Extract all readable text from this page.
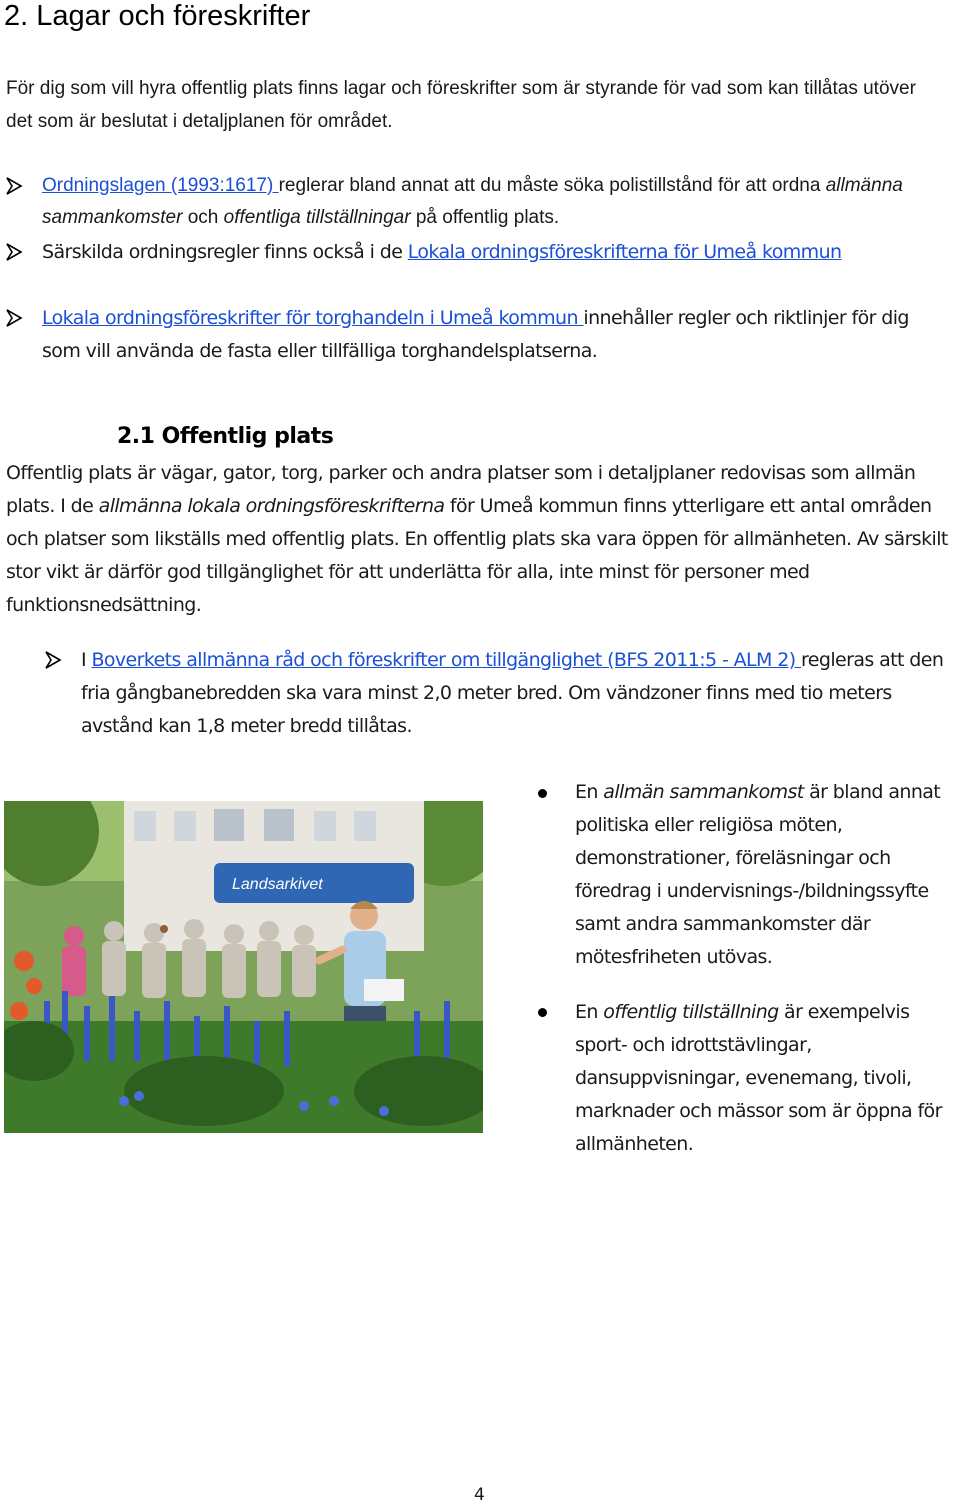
2. Lagar och föreskrifter
För dig som vill hyra offentlig plats finns lagar och föreskrifter som är styrande för vad som kan tillåtas utöver det som är beslutat i detaljplanen för området.
Ordningslagen (1993:1617) reglerar bland annat att du måste söka polistillstånd för att ordna allmänna sammankomster och offentliga tillställningar på offentlig plats.
Särskilda ordningsregler finns också i de Lokala ordningsföreskrifterna för Umeå kommun
Lokala ordningsföreskrifter för torghandeln i Umeå kommun innehåller regler och riktlinjer för dig som vill använda de fasta eller tillfälliga torghandelsplatserna.
2.1 Offentlig plats
Offentlig plats är vägar, gator, torg, parker och andra platser som i detaljplaner redovisas som allmän plats. I de allmänna lokala ordningsföreskrifterna för Umeå kommun finns ytterligare ett antal områden och platser som likställs med offentlig plats. En offentlig plats ska vara öppen för allmänheten. Av särskilt stor vikt är därför god tillgänglighet för att underlätta för alla, inte minst för personer med funktionsnedsättning.
I Boverkets allmänna råd och föreskrifter om tillgänglighet (BFS 2011:5 - ALM 2) regleras att den fria gångbanebredden ska vara minst 2,0 meter bred. Om vändzoner finns med tio meters avstånd kan 1,8 meter bredd tillåtas.
Landsarkivet
En allmän sammankomst är bland annat politiska eller religiösa möten, demonstrationer, föreläsningar och föredrag i undervisnings-/bildningssyfte samt andra sammankomster där mötesfriheten utövas.
En offentlig tillställning är exempelvis sport- och idrottstävlingar, dansuppvisningar, evenemang, tivoli, marknader och mässor som är öppna för allmänheten.
4
